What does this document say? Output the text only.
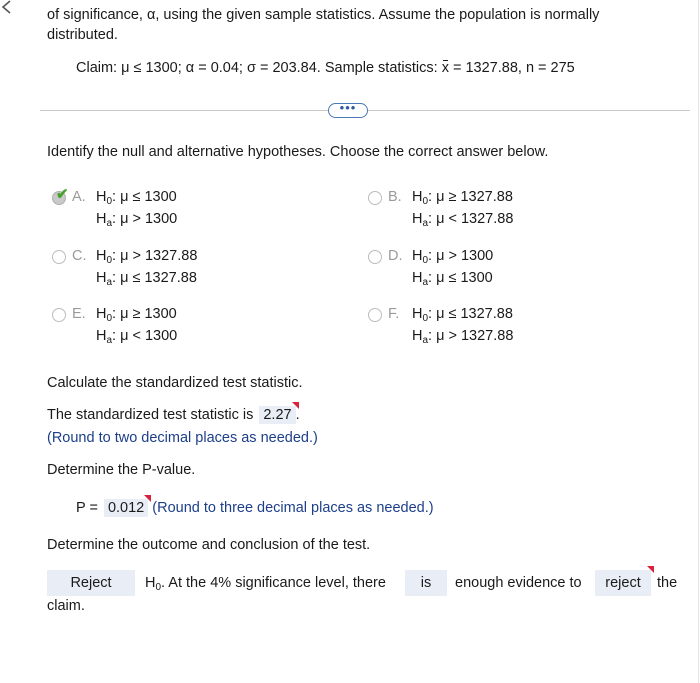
of significance, α, using the given sample statistics. Assume the population is normally distributed.
Claim: μ ≤ 1300; α = 0.04; σ = 203.84. Sample statistics: x = 1327.88, n = 275
•••
Identify the null and alternative hypotheses. Choose the correct answer below.
✔ A. $H_0$: μ ≤ 1300
$H_a$: μ > 1300
B. $H_0$: μ ≥ 1327.88
$H_a$: μ < 1327.88
C. $H_0$: μ > 1327.88
$H_a$: μ ≤ 1327.88
D. $H_0$: μ > 1300
$H_a$: μ ≤ 1300
E. $H_0$: μ ≥ 1300
$H_a$: μ < 1300
F. $H_0$: μ ≤ 1327.88
$H_a$: μ > 1327.88
Calculate the standardized test statistic.
The standardized test statistic is 2.27 .
(Round to two decimal places as needed.)
Determine the P-value.
P = 0.012 (Round to three decimal places as needed.)
Determine the outcome and conclusion of the test.
Reject	$H_0$. At the 4% significance level, there	is	enough evidence to	reject	the
claim.
